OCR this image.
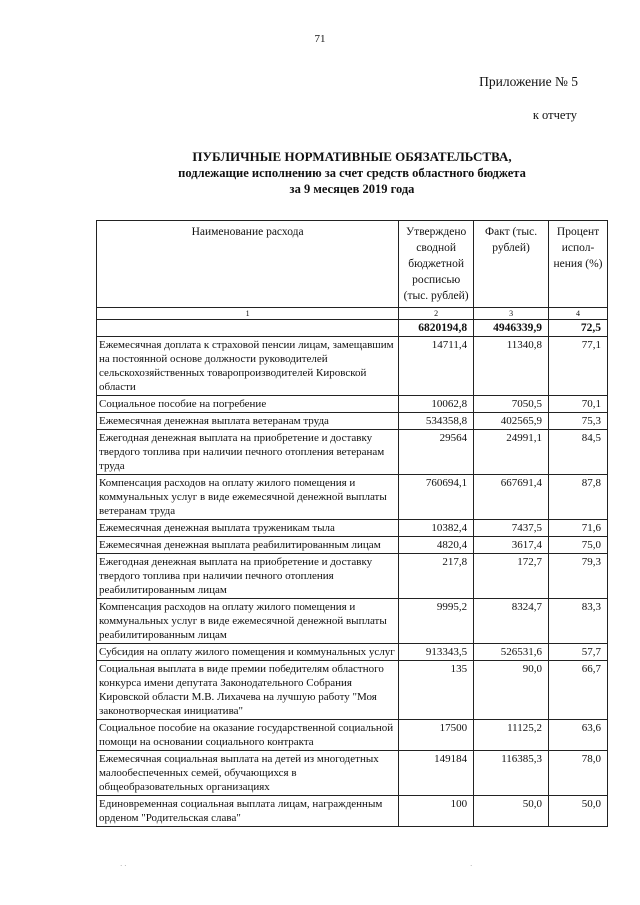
71
Приложение № 5
к отчету
ПУБЛИЧНЫЕ НОРМАТИВНЫЕ ОБЯЗАТЕЛЬСТВА,
подлежащие исполнению за счет средств областного бюджета
за 9 месяцев 2019 года
Наименование расхода	Утверждено сводной бюджетной росписью (тыс. рублей)	Факт (тыс. рублей)	Процент испол- нения (%)
1	2	3	4
	6820194,8	4946339,9	72,5
Ежемесячная доплата к страховой пенсии лицам, замещавшим на постоянной основе должности руководителей сельскохозяйственных товаропроизводителей Кировской области	14711,4	11340,8	77,1
Социальное пособие на погребение	10062,8	7050,5	70,1
Ежемесячная денежная выплата ветеранам труда	534358,8	402565,9	75,3
Ежегодная денежная выплата на приобретение и доставку твердого топлива при наличии печного отопления ветеранам труда	29564	24991,1	84,5
Компенсация расходов на оплату жилого помещения и коммунальных услуг в виде ежемесячной денежной выплаты ветеранам труда	760694,1	667691,4	87,8
Ежемесячная денежная выплата труженикам тыла	10382,4	7437,5	71,6
Ежемесячная денежная выплата реабилитированным лицам	4820,4	3617,4	75,0
Ежегодная денежная выплата на приобретение и доставку твердого топлива при наличии печного отопления реабилитированным лицам	217,8	172,7	79,3
Компенсация расходов на оплату жилого помещения и коммунальных услуг в виде ежемесячной денежной выплаты реабилитированным лицам	9995,2	8324,7	83,3
Субсидия на оплату жилого помещения и коммунальных услуг	913343,5	526531,6	57,7
Социальная выплата в виде премии победителям областного конкурса имени депутата Законодательного Собрания Кировской области М.В. Лихачева на лучшую работу "Моя законотворческая инициатива"	135	90,0	66,7
Социальное пособие на оказание государственной социальной помощи на основании социального контракта	17500	11125,2	63,6
Ежемесячная социальная выплата на детей из многодетных малообеспеченных семей, обучающихся в общеобразовательных организациях	149184	116385,3	78,0
Единовременная социальная выплата лицам, награжденным орденом "Родительская слава"	100	50,0	50,0
· ·	·
